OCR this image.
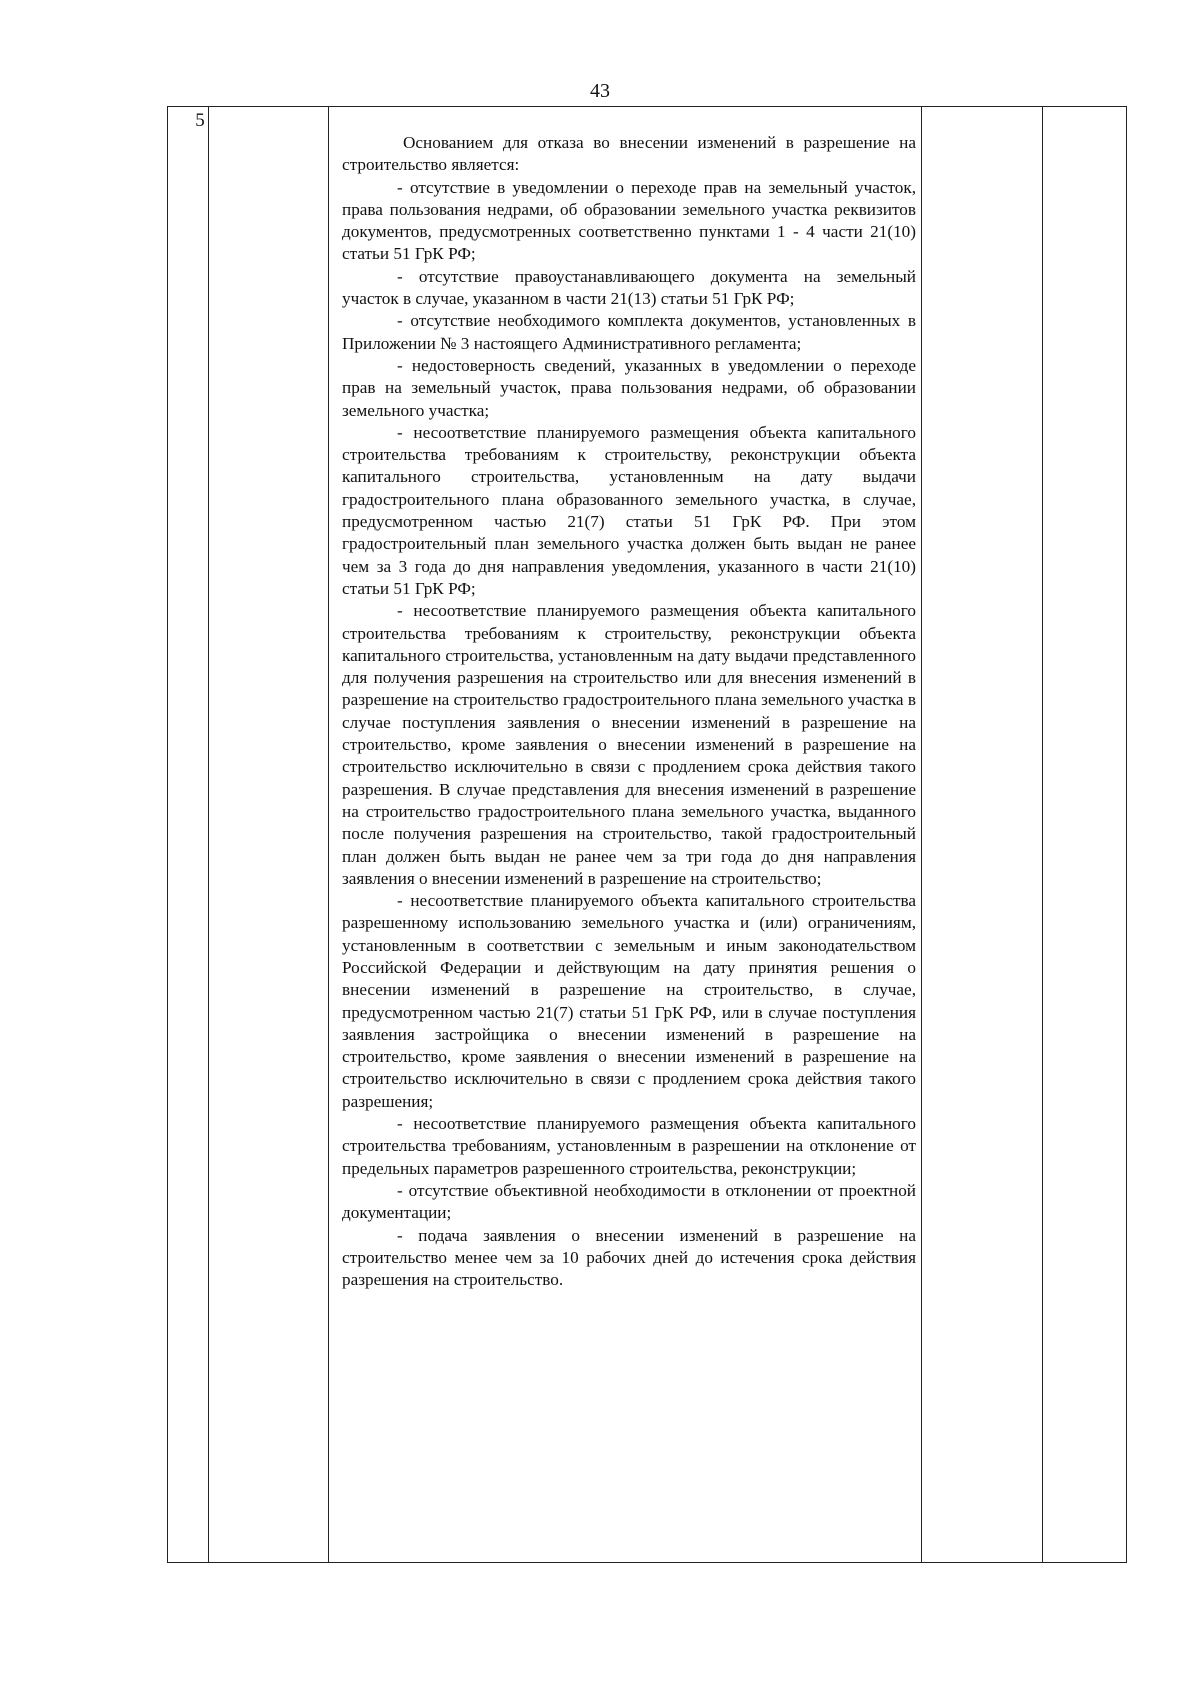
43
5

Основанием для отказа во внесении изменений в разрешение на строительство является:

- отсутствие в уведомлении о переходе прав на земельный участок, права пользования недрами, об образовании земельного участка реквизитов документов, предусмотренных соответственно пунктами 1 - 4 части 21(10) статьи 51 ГрК РФ;

- отсутствие правоустанавливающего документа на земельный участок в случае, указанном в части 21(13) статьи 51 ГрК РФ;

- отсутствие необходимого комплекта документов, установленных в Приложении № 3 настоящего Административного регламента;

- недостоверность сведений, указанных в уведомлении о переходе прав на земельный участок, права пользования недрами, об образовании земельного участка;

- несоответствие планируемого размещения объекта капитального строительства требованиям к строительству, реконструкции объекта капитального строительства, установленным на дату выдачи градостроительного плана образованного земельного участка, в случае, предусмотренном частью 21(7) статьи 51 ГрК РФ. При этом градостроительный план земельного участка должен быть выдан не ранее чем за 3 года до дня направления уведомления, указанного в части 21(10) статьи 51 ГрК РФ;

- несоответствие планируемого размещения объекта капитального строительства требованиям к строительству, реконструкции объекта капитального строительства, установленным на дату выдачи представленного для получения разрешения на строительство или для внесения изменений в разрешение на строительство градостроительного плана земельного участка в случае поступления заявления о внесении изменений в разрешение на строительство, кроме заявления о внесении изменений в разрешение на строительство исключительно в связи с продлением срока действия такого разрешения. В случае представления для внесения изменений в разрешение на строительство градостроительного плана земельного участка, выданного после получения разрешения на строительство, такой градостроительный план должен быть выдан не ранее чем за три года до дня направления заявления о внесении изменений в разрешение на строительство;

- несоответствие планируемого объекта капитального строительства разрешенному использованию земельного участка и (или) ограничениям, установленным в соответствии с земельным и иным законодательством Российской Федерации и действующим на дату принятия решения о внесении изменений в разрешение на строительство, в случае, предусмотренном частью 21(7) статьи 51 ГрК РФ, или в случае поступления заявления застройщика о внесении изменений в разрешение на строительство, кроме заявления о внесении изменений в разрешение на строительство исключительно в связи с продлением срока действия такого разрешения;

- несоответствие планируемого размещения объекта капитального строительства требованиям, установленным в разрешении на отклонение от предельных параметров разрешенного строительства, реконструкции;

- отсутствие объективной необходимости в отклонении от проектной документации;

- подача заявления о внесении изменений в разрешение на строительство менее чем за 10 рабочих дней до истечения срока действия разрешения на строительство.
